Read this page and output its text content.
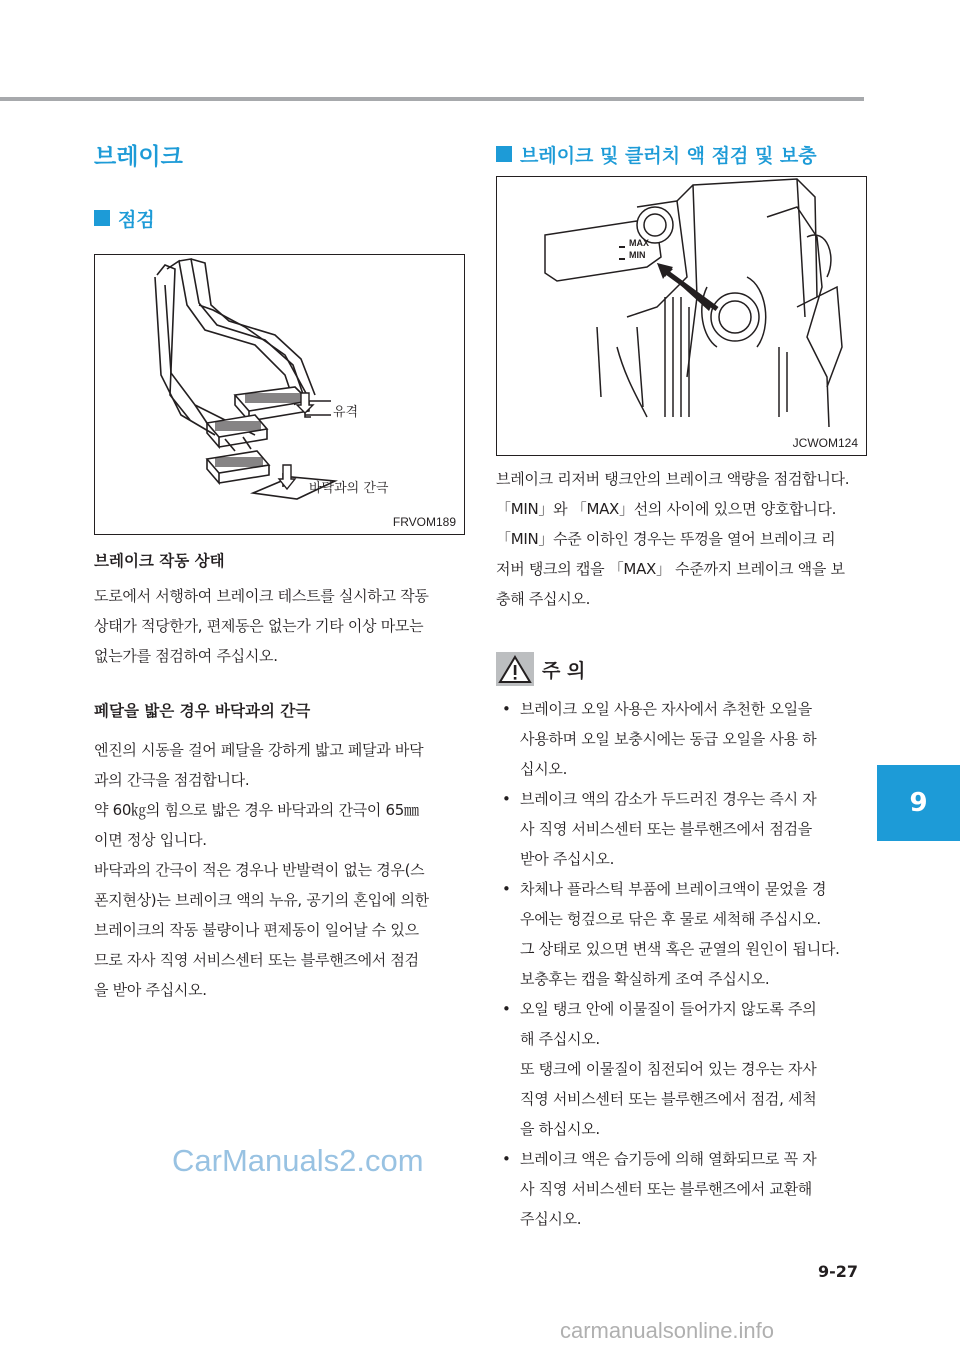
브레이크
점검
유격
바닥과의 간극
FRVOM189

브레이크 작동 상태

도로에서 서행하여 브레이크 테스트를 실시하고 작동

상태가 적당한가, 편제동은 없는가 기타 이상 마모는

없는가를 점검하여 주십시오.

페달을 밟은 경우 바닥과의 간극

엔진의 시동을 걸어 페달을 강하게 밟고 페달과 바닥

과의 간극을 점검합니다.

약 60㎏의 힘으로 밟은 경우 바닥과의 간극이 65㎜

이면 정상 입니다.

바닥과의 간극이 적은 경우나 반발력이 없는 경우(스

폰지현상)는 브레이크 액의 누유, 공기의 혼입에 의한

브레이크의 작동 불량이나 편제동이 일어날 수 있으

므로 자사 직영 서비스센터 또는 블루핸즈에서 점검

을 받아 주십시오.

브레이크 및 클러치 액 점검 및 보충
MAX
MIN
JCWOM124

브레이크 리저버 탱크안의 브레이크 액량을 점검합니다.

「MIN」와 「MAX」선의 사이에 있으면 양호합니다.

「MIN」수준 이하인 경우는 뚜껑을 열어 브레이크 리

저버 탱크의 캡을 「MAX」 수준까지 브레이크 액을 보

충해 주십시오.

주 의
• 브레이크 오일 사용은 자사에서 추천한 오일을
사용하며 오일 보충시에는 동급 오일을 사용 하
십시오.
• 브레이크 액의 감소가 두드러진 경우는 즉시 자
사 직영 서비스센터 또는 블루핸즈에서 점검을
받아 주십시오.
• 차체나 플라스틱 부품에 브레이크액이 묻었을 경
우에는 헝겊으로 닦은 후 물로 세척해 주십시오.
그 상태로 있으면 변색 혹은 균열의 원인이 됩니다.
보충후는 캡을 확실하게 조여 주십시오.
• 오일 탱크 안에 이물질이 들어가지 않도록 주의
해 주십시오.
또 탱크에 이물질이 침전되어 있는 경우는 자사
직영 서비스센터 또는 블루핸즈에서 점검, 세척
을 하십시오.
• 브레이크 액은 습기등에 의해 열화되므로 꼭 자
사 직영 서비스센터 또는 블루핸즈에서 교환해
주십시오.
9
9-27
CarManuals2.com
carmanualsonline.info
